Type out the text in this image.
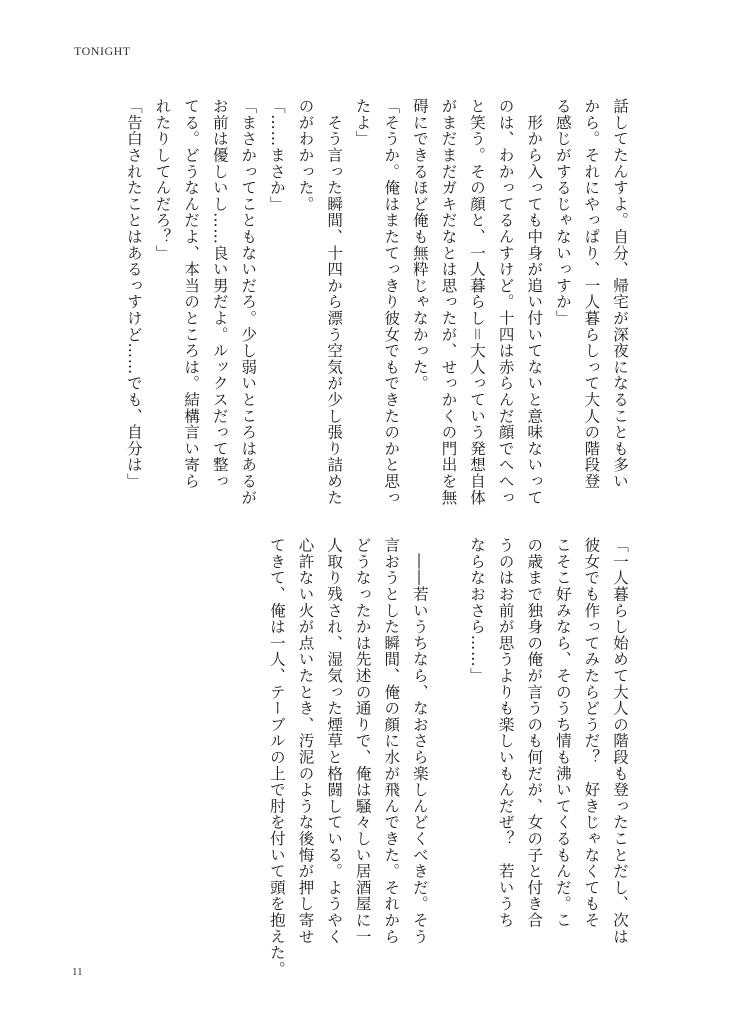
TONIGHT
話してたんすよ。自分、帰宅が深夜になることも多い
から。それにやっぱり、一人暮らしって大人の階段登
る感じがするじゃないっすか」
　形から入っても中身が追い付いてないと意味ないって
のは、わかってるんすけど。十四は赤らんだ顔でへへっ
と笑う。その顔と、一人暮らし＝大人っていう発想自体
がまだまだガキだなとは思ったが、せっかくの門出を無
碍にできるほど俺も無粋じゃなかった。
「そうか。俺はまたてっきり彼女でもできたのかと思っ
たよ」
　そう言った瞬間、十四から漂う空気が少し張り詰めた
のがわかった。
「……まさか」
「まさかってこともないだろ。少し弱いところはあるが
お前は優しいし……良い男だよ。ルックスだって整っ
てる。どうなんだよ、本当のところは。結構言い寄ら
れたりしてんだろ？」
「告白されたことはあるっすけど……でも、自分は」
「一人暮らし始めて大人の階段も登ったことだし、次は
彼女でも作ってみたらどうだ？　好きじゃなくてもそ
こそこ好みなら、そのうち情も沸いてくるもんだ。こ
の歳まで独身の俺が言うのも何だが、女の子と付き合
うのはお前が思うよりも楽しいもんだぜ？　若いうち
ならなおさら……」

　――若いうちなら、なおさら楽しんどくべきだ。そう
言おうとした瞬間、俺の顔に水が飛んできた。それから
どうなったかは先述の通りで、俺は騒々しい居酒屋に一
人取り残され、湿気った煙草と格闘している。ようやく
心許ない火が点いたとき、汚泥のような後悔が押し寄せ
てきて、俺は一人、テーブルの上で肘を付いて頭を抱えた。
11
